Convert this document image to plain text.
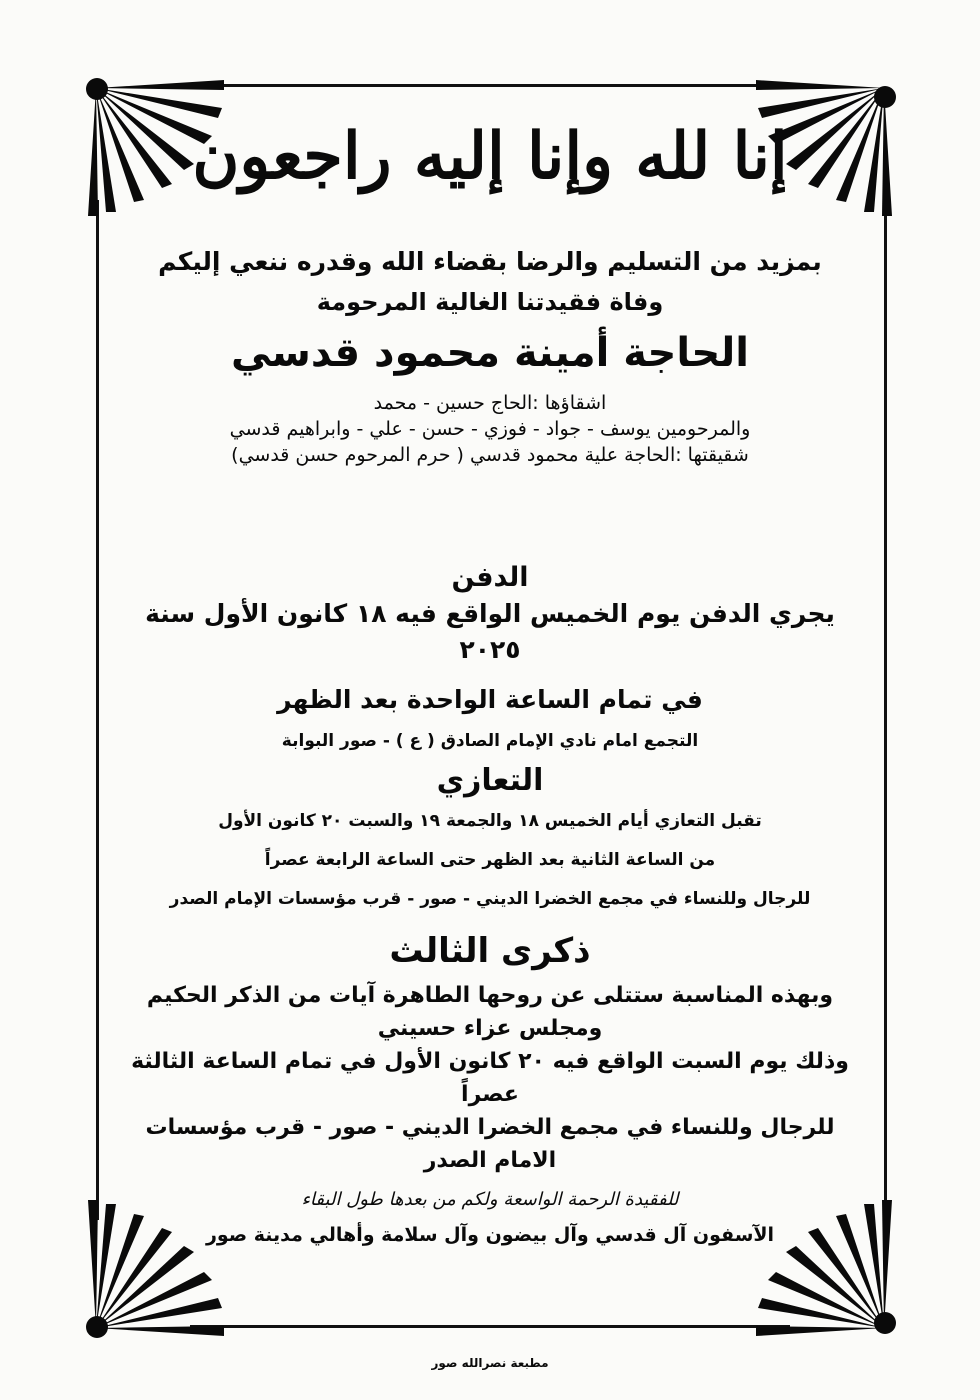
إنا لله وإنا إليه راجعون
بمزيد من التسليم والرضا بقضاء الله وقدره ننعي إليكم
وفاة فقيدتنا الغالية المرحومة
الحاجة أمينة محمود قدسي
اشقاؤها :الحاج حسين - محمد
والمرحومين يوسف - جواد - فوزي - حسن - علي - وابراهيم قدسي
شقيقتها :الحاجة علية محمود قدسي ( حرم المرحوم حسن قدسي)
الدفن
يجري الدفن يوم الخميس الواقع فيه ١٨ كانون الأول سنة ٢٠٢٥
في تمام الساعة الواحدة بعد الظهر
التجمع امام نادي الإمام الصادق ( ع ) - صور البوابة
التعازي
تقبل التعازي أيام الخميس ١٨ والجمعة ١٩ والسبت ٢٠ كانون الأول
من الساعة الثانية بعد الظهر حتى الساعة الرابعة عصراً
للرجال وللنساء في مجمع الخضرا الديني - صور - قرب مؤسسات الإمام الصدر
ذكرى الثالث
وبهذه المناسبة ستتلى عن روحها الطاهرة آيات من الذكر الحكيم ومجلس عزاء حسيني
وذلك يوم السبت الواقع فيه ٢٠ كانون الأول في تمام الساعة الثالثة عصراً
للرجال وللنساء في مجمع الخضرا الديني - صور - قرب مؤسسات الامام الصدر
للفقيدة الرحمة الواسعة ولكم من بعدها طول البقاء
الآسفون آل قدسي وآل بيضون وآل سلامة وأهالي مدينة صور
مطبعة نصرالله صور
